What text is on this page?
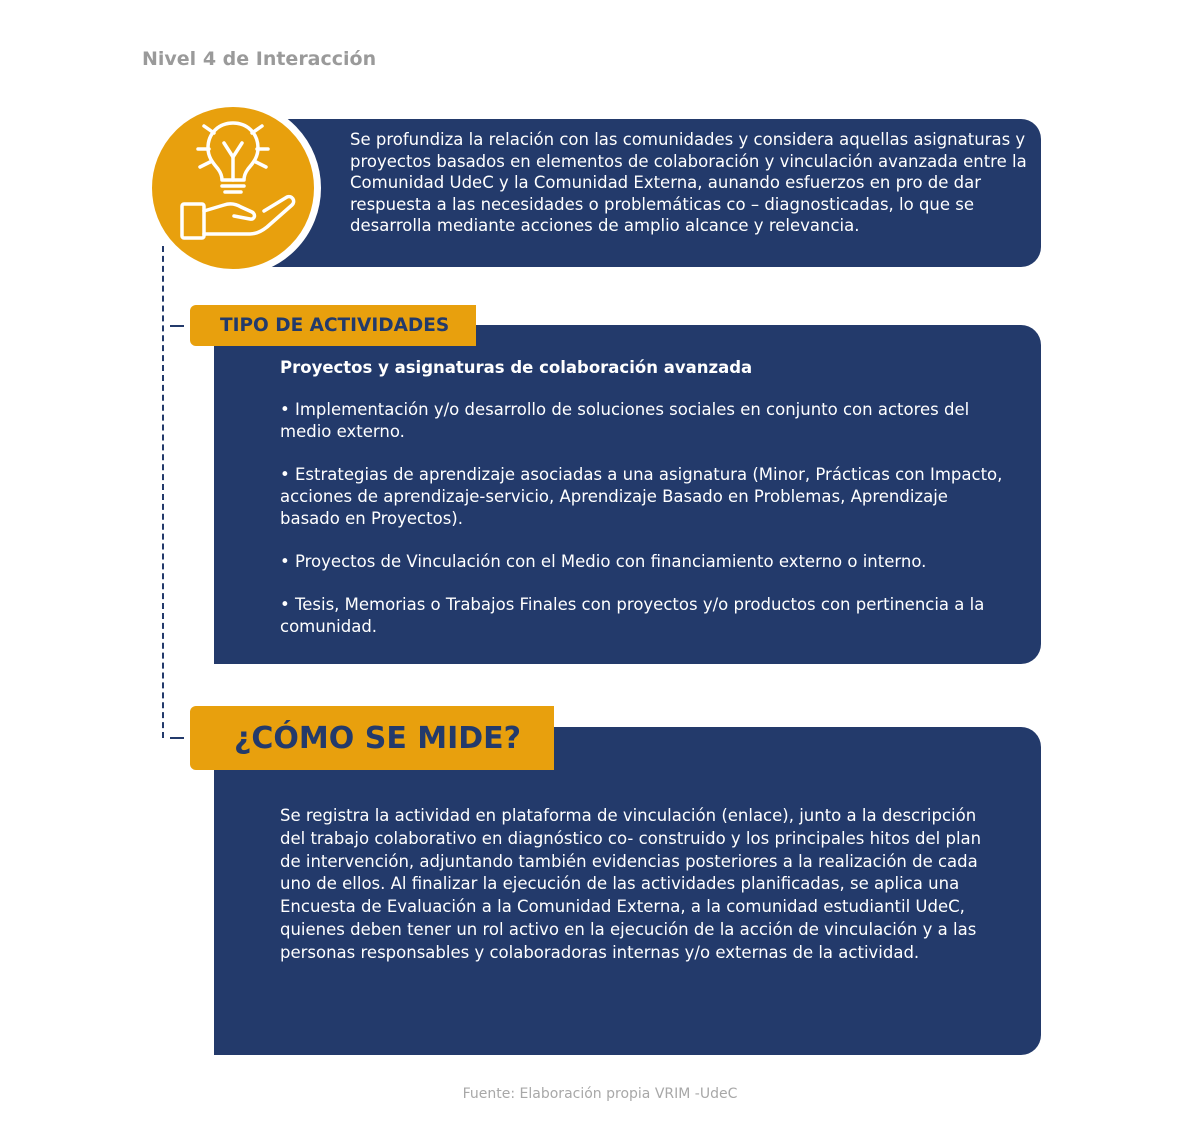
Nivel 4 de Interacción
Se profundiza la relación con las comunidades y considera aquellas asignaturas y proyectos basados en elementos de colaboración y vinculación avanzada entre la Comunidad UdeC y la Comunidad Externa, aunando esfuerzos en pro de dar respuesta a las necesidades o problemáticas co – diagnosticadas, lo que se desarrolla mediante acciones de amplio alcance y relevancia.
Proyectos y asignaturas de colaboración avanzada
• Implementación y/o desarrollo de soluciones sociales en conjunto con actores del medio externo.
• Estrategias de aprendizaje asociadas a una asignatura (Minor, Prácticas con Impacto, acciones de aprendizaje-servicio, Aprendizaje Basado en Problemas, Aprendizaje basado en Proyectos).
• Proyectos de Vinculación con el Medio con financiamiento externo o interno.
• Tesis, Memorias o Trabajos Finales con proyectos y/o productos con pertinencia a la comunidad.
TIPO DE ACTIVIDADES
Se registra la actividad en plataforma de vinculación (enlace), junto a la descripción del trabajo colaborativo en diagnóstico co- construido y los principales hitos del plan de intervención, adjuntando también evidencias posteriores a la realización de cada uno de ellos. Al finalizar la ejecución de las actividades planificadas, se aplica una Encuesta de Evaluación a la Comunidad Externa, a la comunidad estudiantil UdeC, quienes deben tener un rol activo en la ejecución de la acción de vinculación y a las personas responsables y colaboradoras internas y/o externas de la actividad.
¿CÓMO SE MIDE?
Fuente: Elaboración propia VRIM -UdeC
